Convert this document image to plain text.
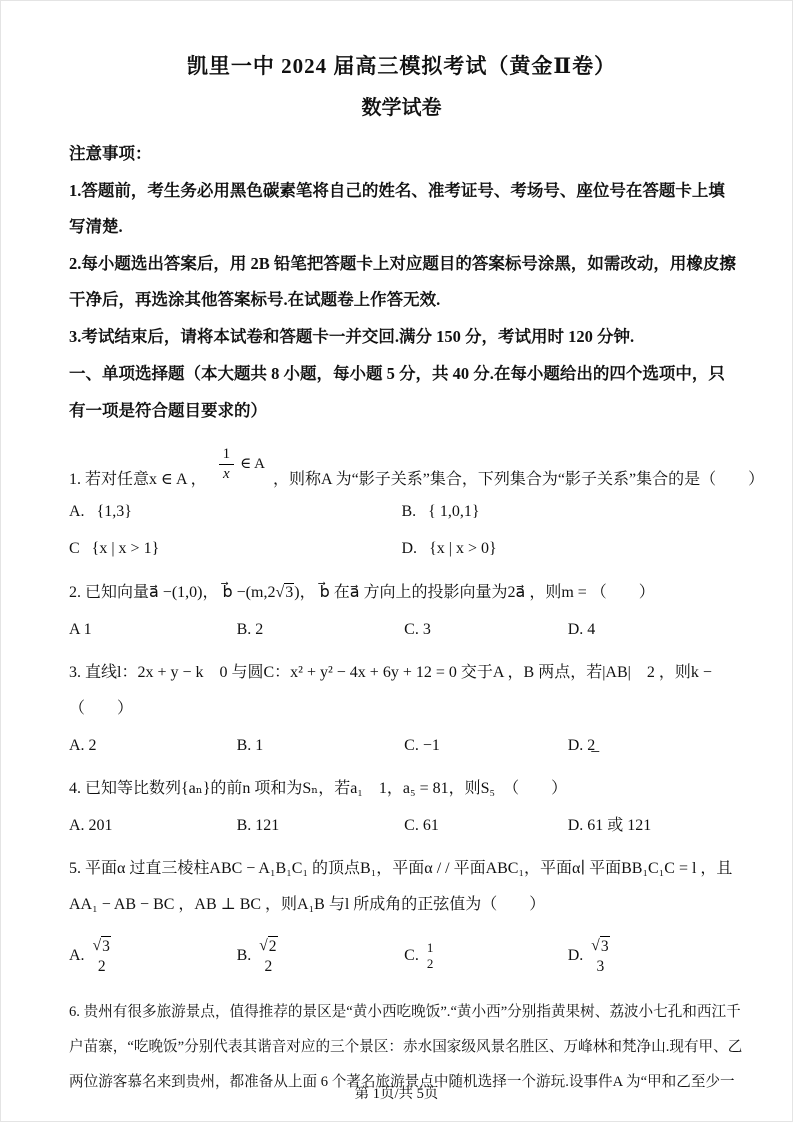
凯里一中 2024 届高三模拟考试（黄金Ⅱ卷）
数学试卷
注意事项：
1.答题前，考生务必用黑色碳素笔将自己的姓名、准考证号、考场号、座位号在答题卡上填
写清楚.
2.每小题选出答案后，用 2B 铅笔把答题卡上对应题目的答案标号涂黑，如需改动，用橡皮擦
干净后，再选涂其他答案标号.在试题卷上作答无效.
3.考试结束后，请将本试卷和答题卡一并交回.满分 150 分，考试用时 120 分钟.
一、单项选择题（本大题共 8 小题，每小题 5 分，共 40 分.在每小题给出的四个选项中，只
有一项是符合题目要求的）
1. 若对任意x ∈ A ， $\frac{1}{x}$ ∈ A
，则称A 为“影子关系”集合，下列集合为“影子关系”集合的是（　　）
A. {1,3}	B. { 1,0,1}
C {x | x > 1}	D. {x | x > 0}
2. 已知向量a⃗ −(1,0)， b⃗ −(m,2√3)， b⃗ 在a⃗ 方向上的投影向量为2a⃗ ，则m = （　　）
A 1	B. 2	C. 3	D. 4
3. 直线l：2x + y − k　0 与圆C：x² + y² − 4x + 6y + 12 = 0 交于A ，B 两点，若|AB|　2 ，则k −
（　　）
A. 2	B. 1	C. −1	D. 2̲
4. 已知等比数列{aₙ}的前n 项和为Sₙ，若a₁　1，a₅ = 81，则S₅　（　　）
A. 201	B. 121	C. 61	D. 61 或 121
5. 平面α 过直三棱柱ABC − A₁B₁C₁ 的顶点B₁，平面α / / 平面ABC₁，平面α∣ 平面BB₁C₁C = l ，且
AA₁ − AB − BC ，AB ⊥ BC ，则A₁B 与l 所成角的正弦值为（　　）
A.
√ 3
2
B.
√ 2
2
C. 1
2	D.
√ 3
3
6. 贵州有很多旅游景点，值得推荐的景区是“黄小西吃晚饭”.“黄小西”分别指黄果树、荔波小七孔和西江千
户苗寨，“吃晚饭”分别代表其谐音对应的三个景区：赤水国家级风景名胜区、万峰林和梵净山.现有甲、乙
两位游客慕名来到贵州，都准备从上面 6 个著名旅游景点中随机选择一个游玩.设事件A 为“甲和乙至少一
第 1页/共 5页
